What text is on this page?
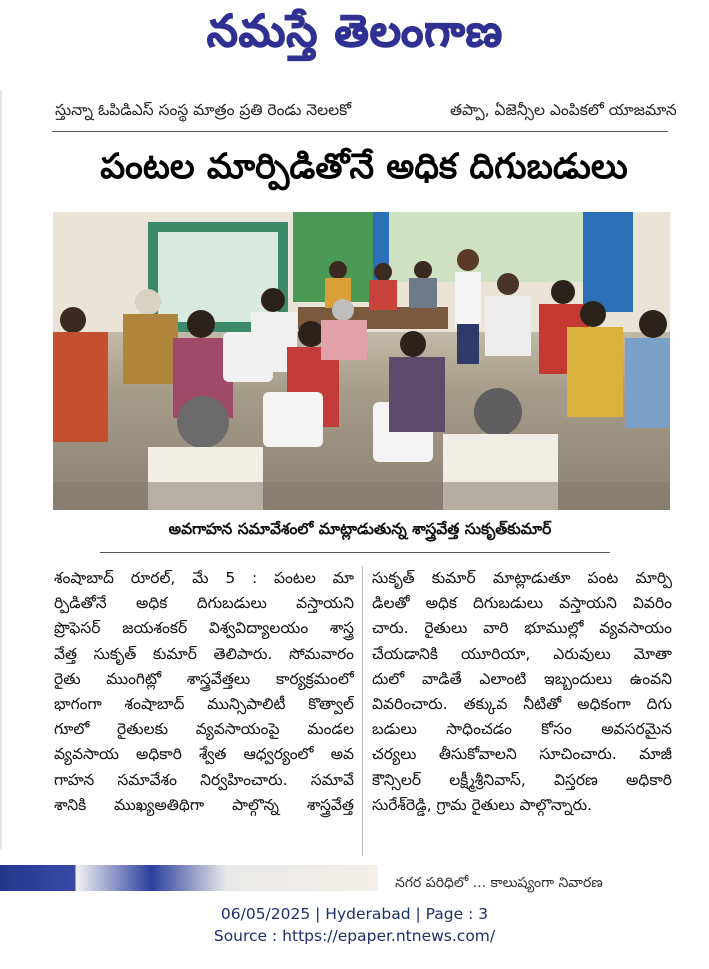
నమస్తే తెలంగాణ
స్తున్నా ఓపిడిఎస్ సంస్థ మాత్రం ప్రతి రెండు నెలలకో	తప్పా, ఏజెన్సీల ఎంపికలో యాజమాన
పంటల మార్పిడితోనే అధిక దిగుబడులు
అవగాహన సమావేశంలో మాట్లాడుతున్న శాస్త్రవేత్త సుకృత్‌కుమార్
శంషాబాద్ రూరల్, మే 5 : పంటల మా
ర్పిడితోనే అధిక దిగుబడులు వస్తాయని
ప్రొఫెసర్ జయశంకర్ విశ్వవిద్యాలయం శాస్త్ర
వేత్త సుకృత్ కుమార్ తెలిపారు. సోమవారం
రైతు ముంగిట్లో శాస్త్రవేత్తలు కార్యక్రమంలో
భాగంగా శంషాబాద్ మున్సిపాలిటీ కొత్వాల్
గూలో రైతులకు వ్యవసాయంపై మండల
వ్యవసాయ అధికారి శ్వేత ఆధ్వర్యంలో అవ
గాహన సమావేశం నిర్వహించారు. సమావే
శానికి ముఖ్యఅతిథిగా పాల్గొన్న శాస్త్రవేత్త
సుకృత్ కుమార్ మాట్లాడుతూ పంట మార్పి
డిలతో అధిక దిగుబడులు వస్తాయని వివరిం
చారు. రైతులు వారి భూముల్లో వ్యవసాయం
చేయడానికి యూరియా, ఎరువులు మోతా
దులో వాడితే ఎలాంటి ఇబ్బందులు ఉంవని
వివరించారు. తక్కువ నీటితో అధికంగా దిగు
బడులు సాధించడం కోసం అవసరమైన
చర్యలు తీసుకోవాలని సూచించారు. మాజీ
కౌన్సిలర్ లక్ష్మీశ్రీనివాస్, విస్తరణ అధికారి
సురేశ్‌రెడ్డి, గ్రామ రైతులు పాల్గొన్నారు.
నగర పరిధిలో ... కాలుష్యంగా నివారణ
06/05/2025 | Hyderabad | Page : 3
Source : https://epaper.ntnews.com/
